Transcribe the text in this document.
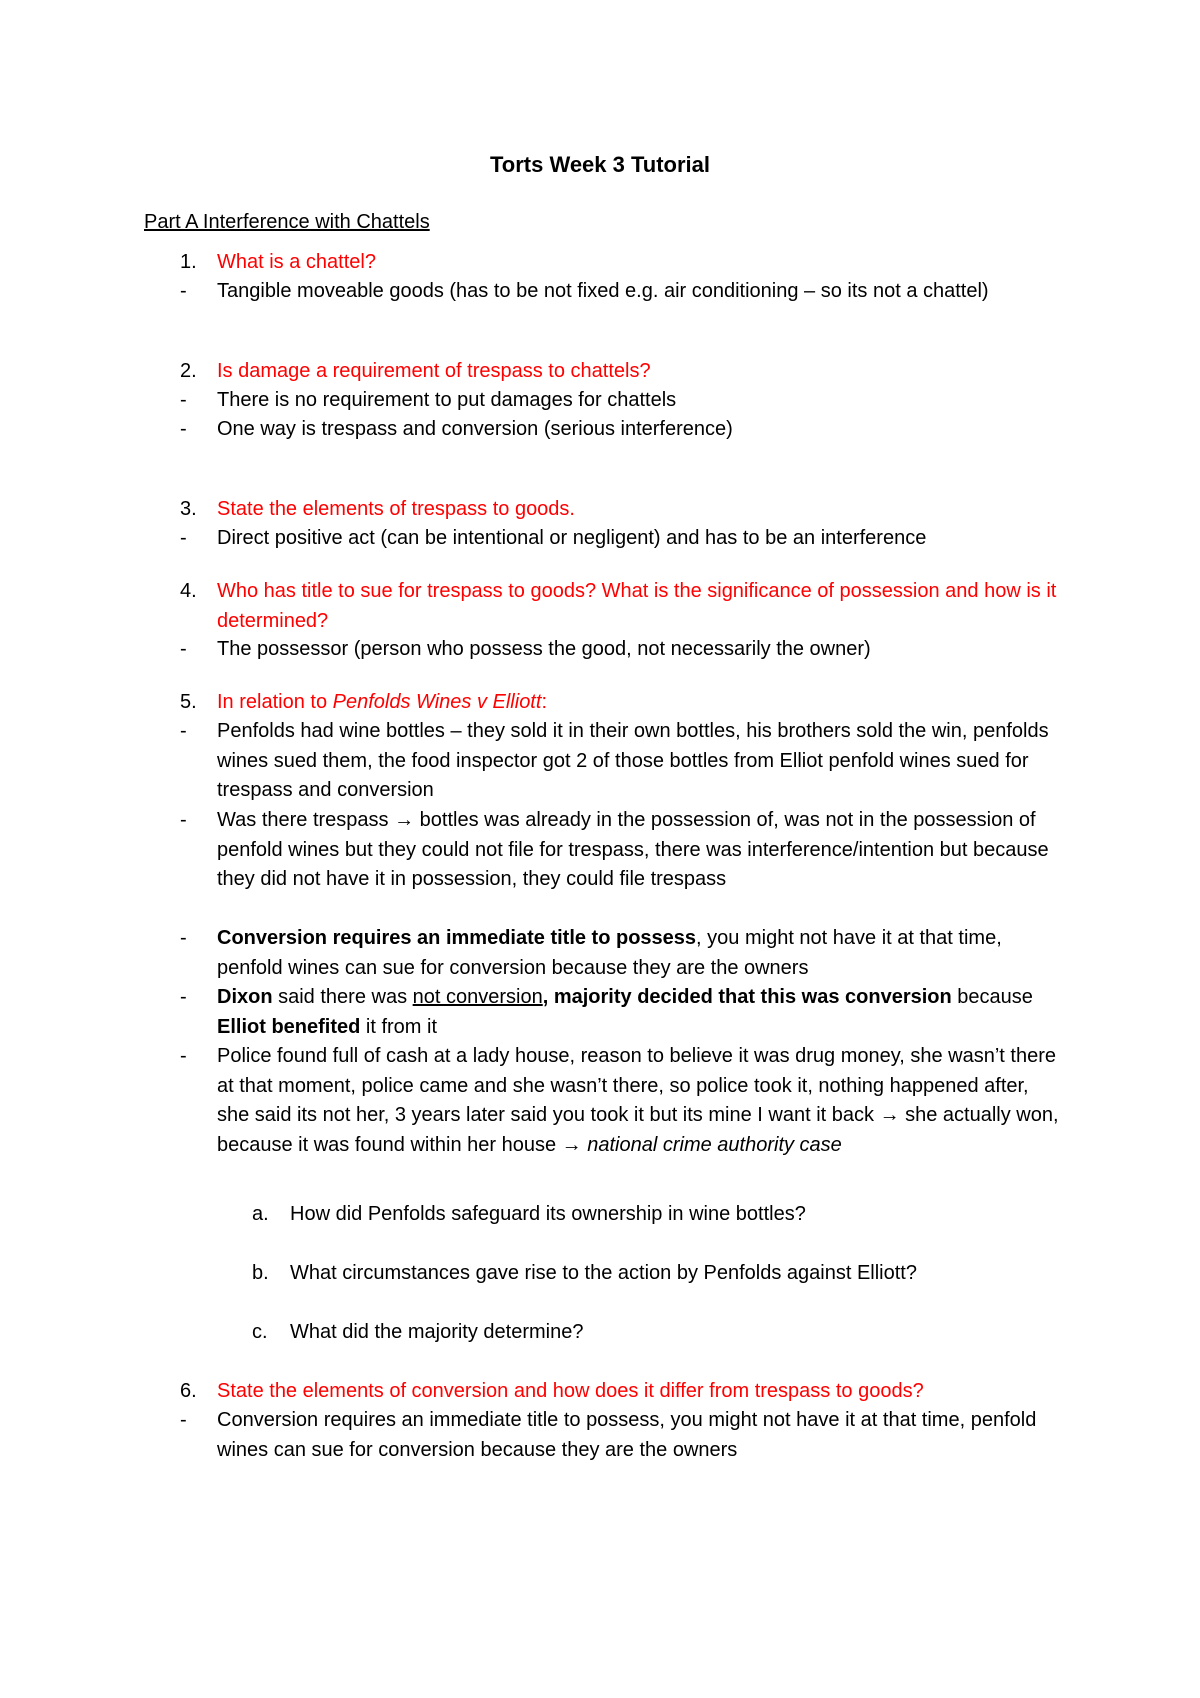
Torts Week 3 Tutorial
Part A Interference with Chattels
1. What is a chattel?
- Tangible moveable goods (has to be not fixed e.g. air conditioning – so its not a chattel)
2. Is damage a requirement of trespass to chattels?
- There is no requirement to put damages for chattels
- One way is trespass and conversion (serious interference)
3. State the elements of trespass to goods.
- Direct positive act (can be intentional or negligent) and has to be an interference
4. Who has title to sue for trespass to goods? What is the significance of possession and how is it determined?
- The possessor (person who possess the good, not necessarily the owner)
5. In relation to Penfolds Wines v Elliott:
- Penfolds had wine bottles – they sold it in their own bottles, his brothers sold the win, penfolds wines sued them, the food inspector got 2 of those bottles from Elliot penfold wines sued for trespass and conversion
- Was there trespass → bottles was already in the possession of, was not in the possession of penfold wines but they could not file for trespass, there was interference/intention but because they did not have it in possession, they could file trespass
- Conversion requires an immediate title to possess, you might not have it at that time, penfold wines can sue for conversion because they are the owners
- Dixon said there was not conversion, majority decided that this was conversion because Elliot benefited it from it
- Police found full of cash at a lady house, reason to believe it was drug money, she wasn’t there at that moment, police came and she wasn’t there, so police took it, nothing happened after, she said its not her, 3 years later said you took it but its mine I want it back → she actually won, because it was found within her house → national crime authority case
a. How did Penfolds safeguard its ownership in wine bottles?
b. What circumstances gave rise to the action by Penfolds against Elliott?
c. What did the majority determine?
6. State the elements of conversion and how does it differ from trespass to goods?
- Conversion requires an immediate title to possess, you might not have it at that time, penfold wines can sue for conversion because they are the owners
